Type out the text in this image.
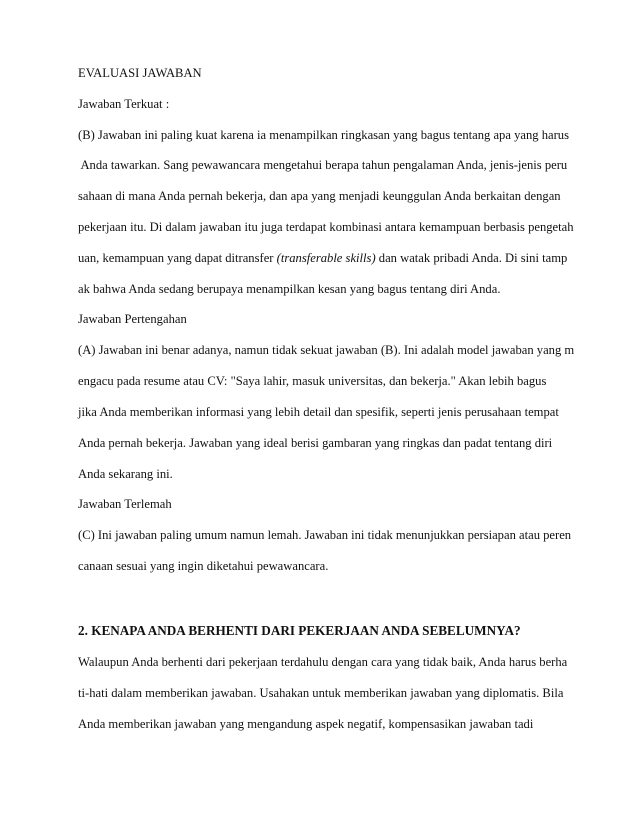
EVALUASI JAWABAN
Jawaban Terkuat :
(B) Jawaban ini paling kuat karena ia menampilkan ringkasan yang bagus tentang apa yang harus
Anda tawarkan. Sang pewawancara mengetahui berapa tahun pengalaman Anda, jenis-jenis peru
sahaan di mana Anda pernah bekerja, dan apa yang menjadi keunggulan Anda berkaitan dengan
pekerjaan itu. Di dalam jawaban itu juga terdapat kombinasi antara kemampuan berbasis pengetah
uan, kemampuan yang dapat ditransfer (transferable skills) dan watak pribadi Anda. Di sini tamp
ak bahwa Anda sedang berupaya menampilkan kesan yang bagus tentang diri Anda.
Jawaban Pertengahan
(A) Jawaban ini benar adanya, namun tidak sekuat jawaban (B). Ini adalah model jawaban yang m
engacu pada resume atau CV: "Saya lahir, masuk universitas, dan bekerja." Akan lebih bagus
jika Anda memberikan informasi yang lebih detail dan spesifik, seperti jenis perusahaan tempat
Anda pernah bekerja. Jawaban yang ideal berisi gambaran yang ringkas dan padat tentang diri
Anda sekarang ini.
Jawaban Terlemah
(C) Ini jawaban paling umum namun lemah. Jawaban ini tidak menunjukkan persiapan atau peren
canaan sesuai yang ingin diketahui pewawancara.
2. KENAPA ANDA BERHENTI DARI PEKERJAAN ANDA SEBELUMNYA?
Walaupun Anda berhenti dari pekerjaan terdahulu dengan cara yang tidak baik, Anda harus berha
ti-hati dalam memberikan jawaban. Usahakan untuk memberikan jawaban yang diplomatis. Bila
Anda memberikan jawaban yang mengandung aspek negatif, kompensasikan jawaban tadi
